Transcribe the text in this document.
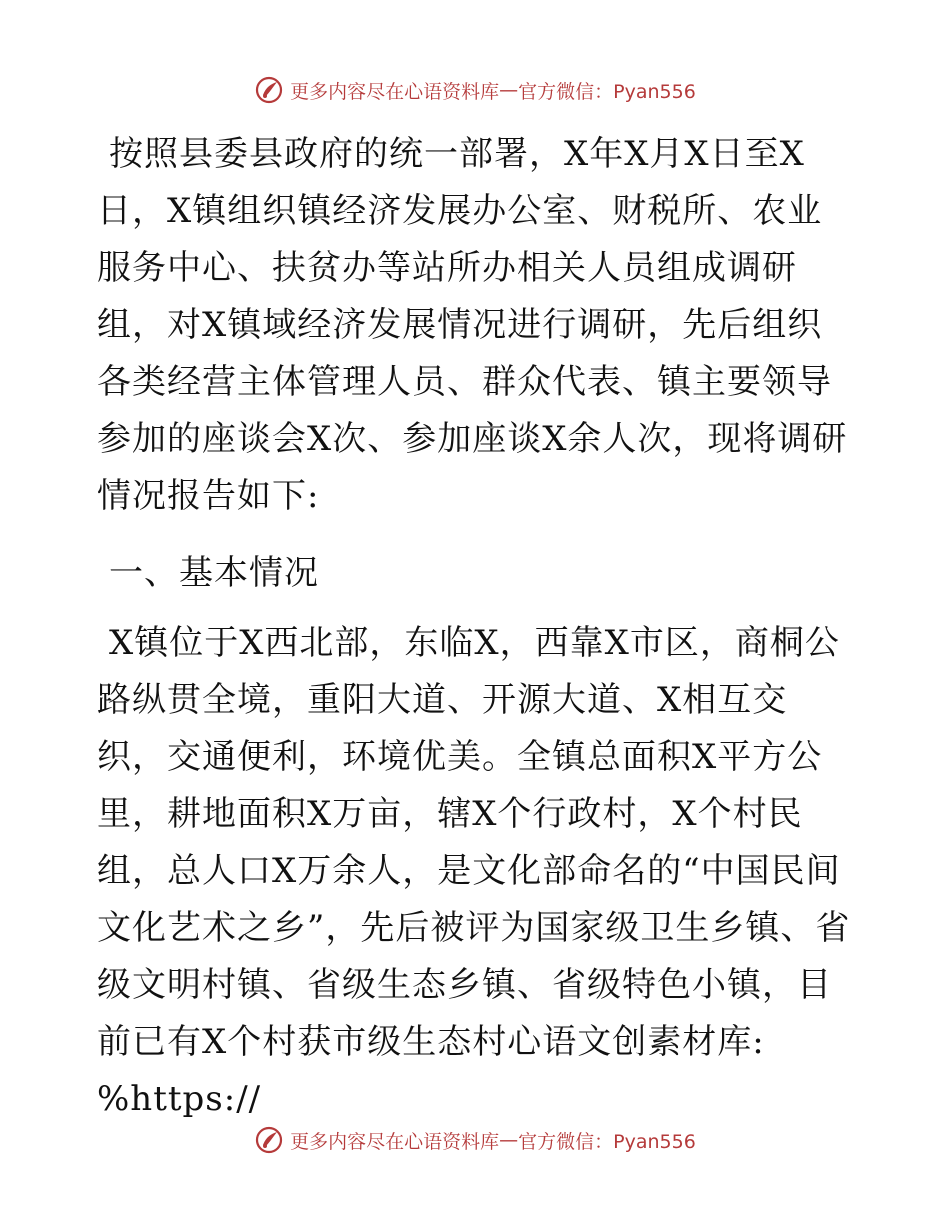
更多内容尽在心语资料库 — 官方微信：Pyan556
按照县委县政府的统一部署，X年X月X日至X日，X镇组织镇经济发展办公室、财税所、农业服务中心、扶贫办等站所办相关人员组成调研组，对X镇域经济发展情况进行调研，先后组织各类经营主体管理人员、群众代表、镇主要领导参加的座谈会X次、参加座谈X余人次，现将调研情况报告如下:
一、基本情况
X镇位于X西北部，东临X，西靠X市区，商桐公路纵贯全境，重阳大道、开源大道、X相互交织，交通便利，环境优美。全镇总面积X平方公里，耕地面积X万亩，辖X个行政村，X个村民组，总人口X万余人，是文化部命名的“中国民间文化艺术之乡”，先后被评为国家级卫生乡镇、省级文明村镇、省级生态乡镇、省级特色小镇，目前已有X个村获市级生态村心语文创素材库: %https://
更多内容尽在心语资料库 — 官方微信：Pyan556
